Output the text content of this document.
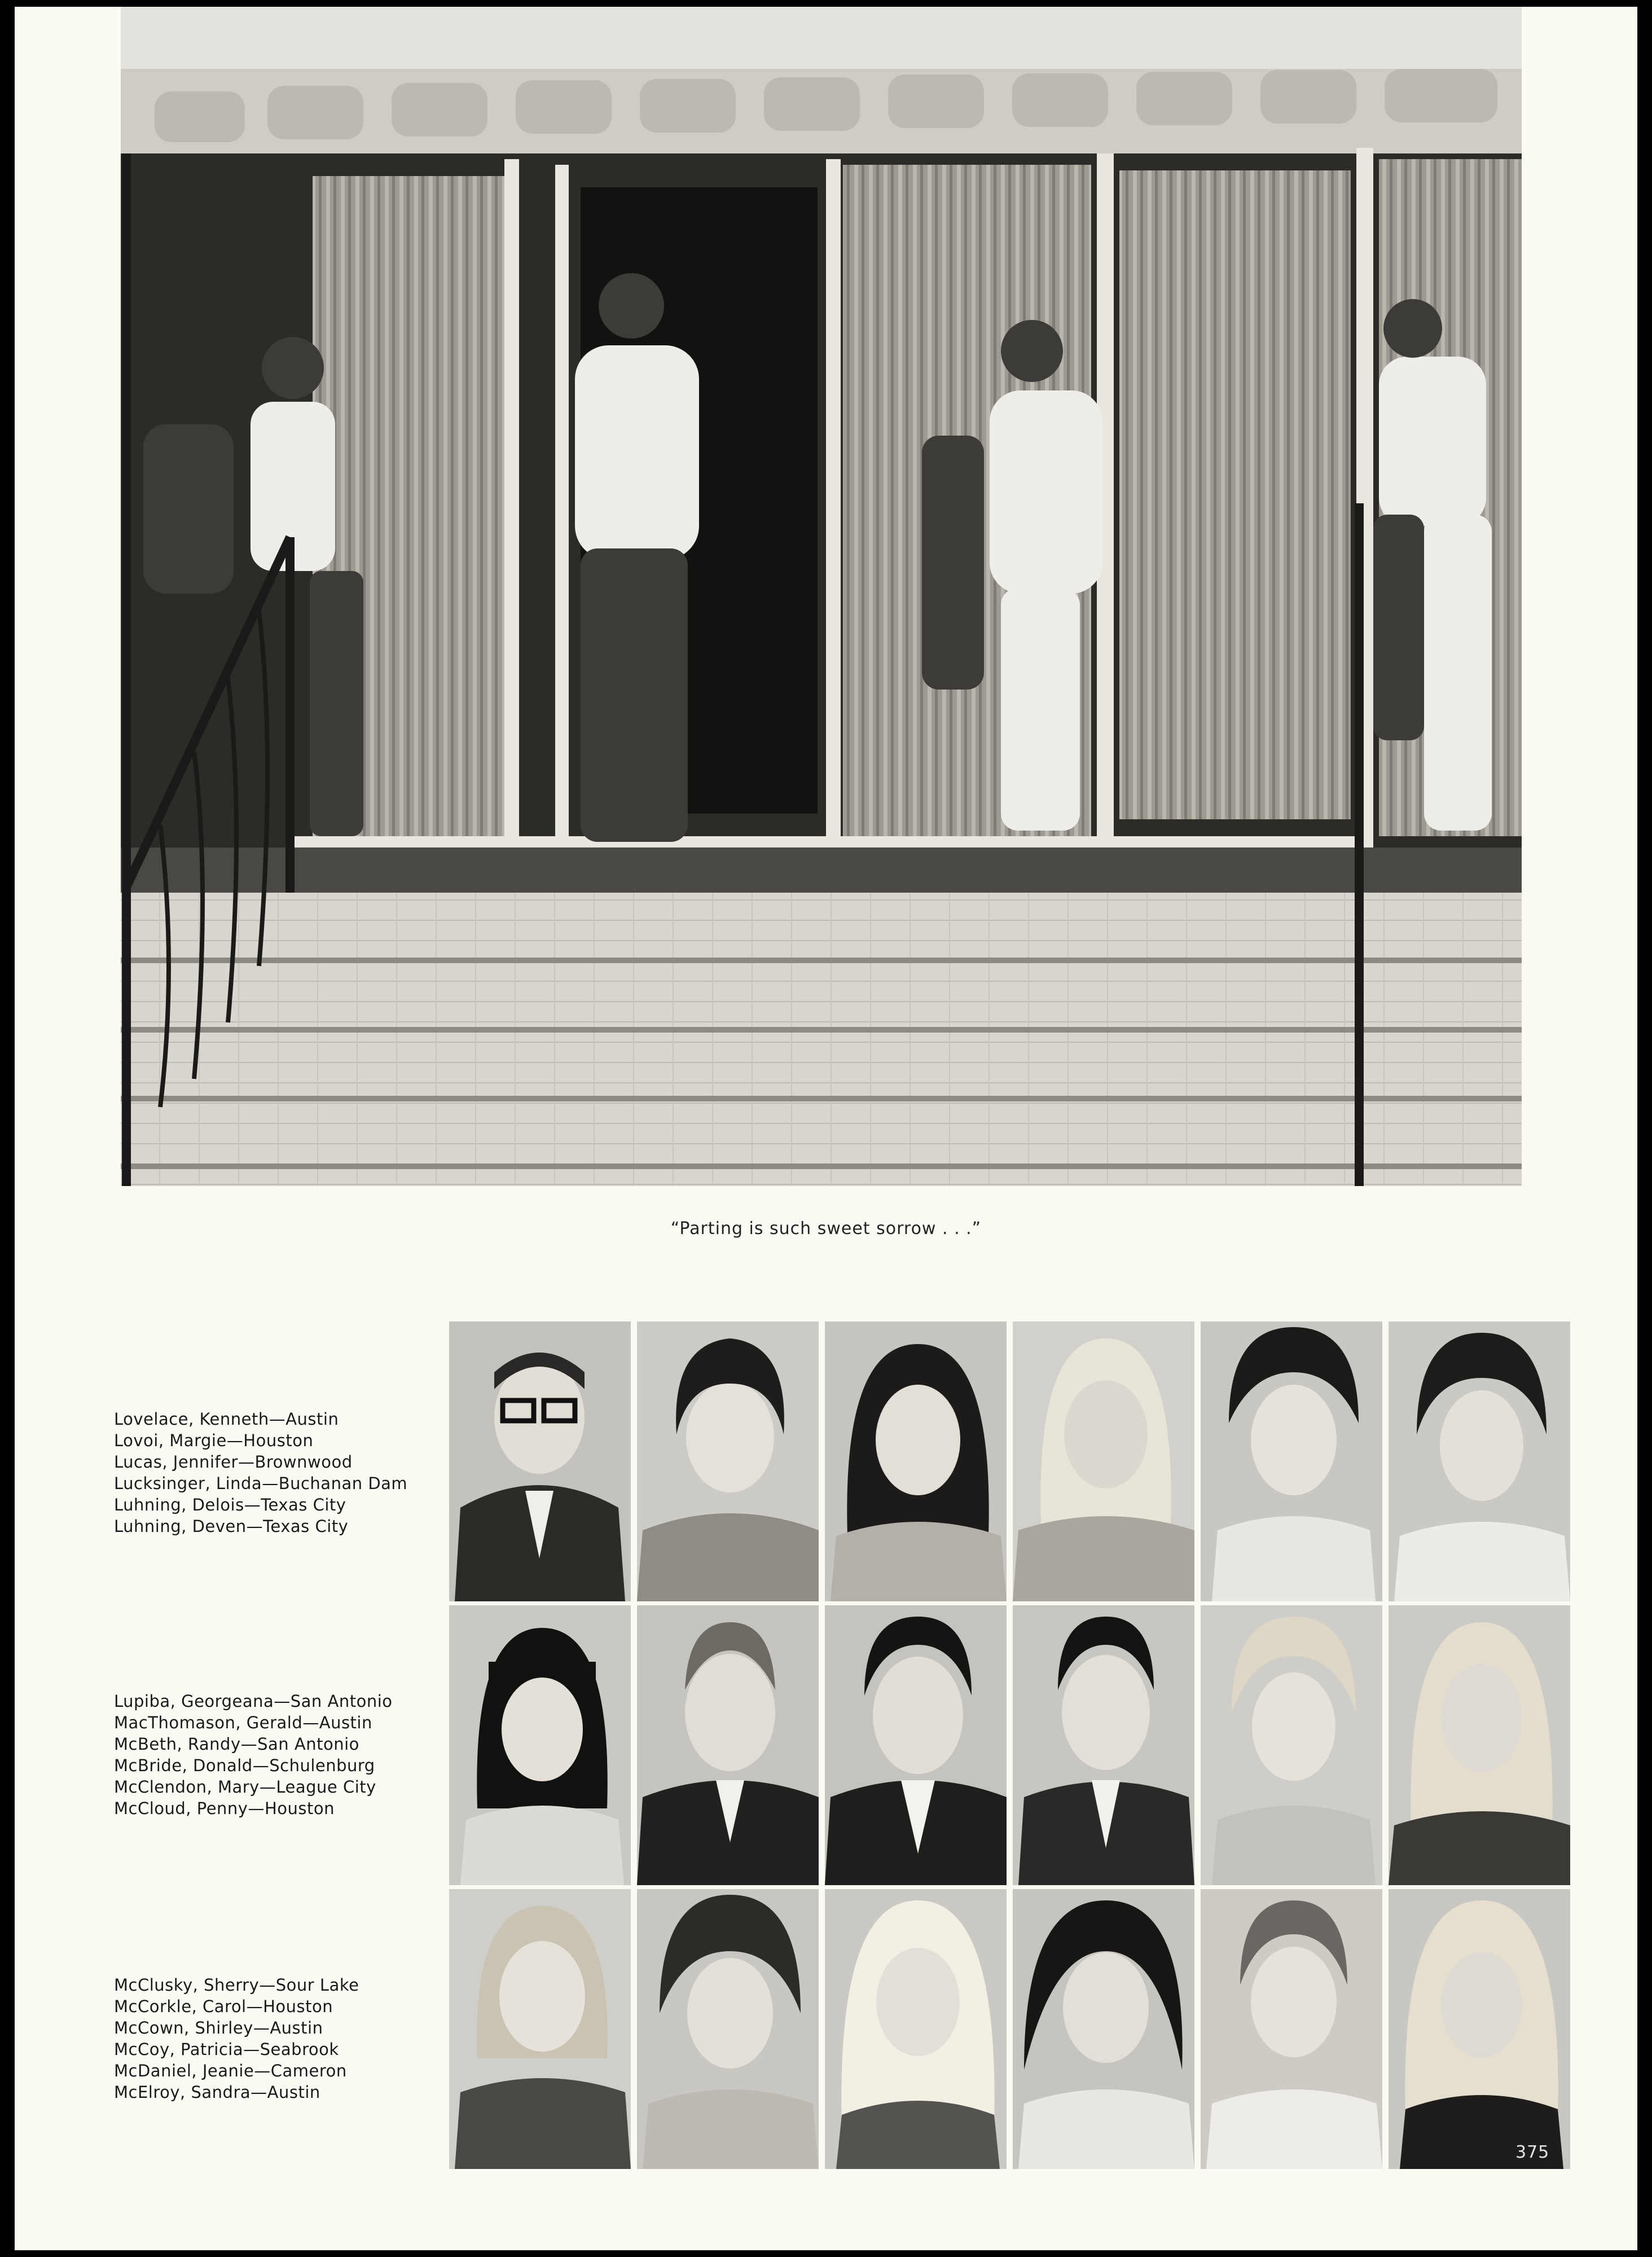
“Parting is such sweet sorrow . . .”
Lovelace, Kenneth—Austin
Lovoi, Margie—Houston
Lucas, Jennifer—Brownwood
Lucksinger, Linda—Buchanan Dam
Luhning, Delois—Texas City
Luhning, Deven—Texas City
Lupiba, Georgeana—San Antonio
MacThomason, Gerald—Austin
McBeth, Randy—San Antonio
McBride, Donald—Schulenburg
McClendon, Mary—League City
McCloud, Penny—Houston
McClusky, Sherry—Sour Lake
McCorkle, Carol—Houston
McCown, Shirley—Austin
McCoy, Patricia—Seabrook
McDaniel, Jeanie—Cameron
McElroy, Sandra—Austin
375
